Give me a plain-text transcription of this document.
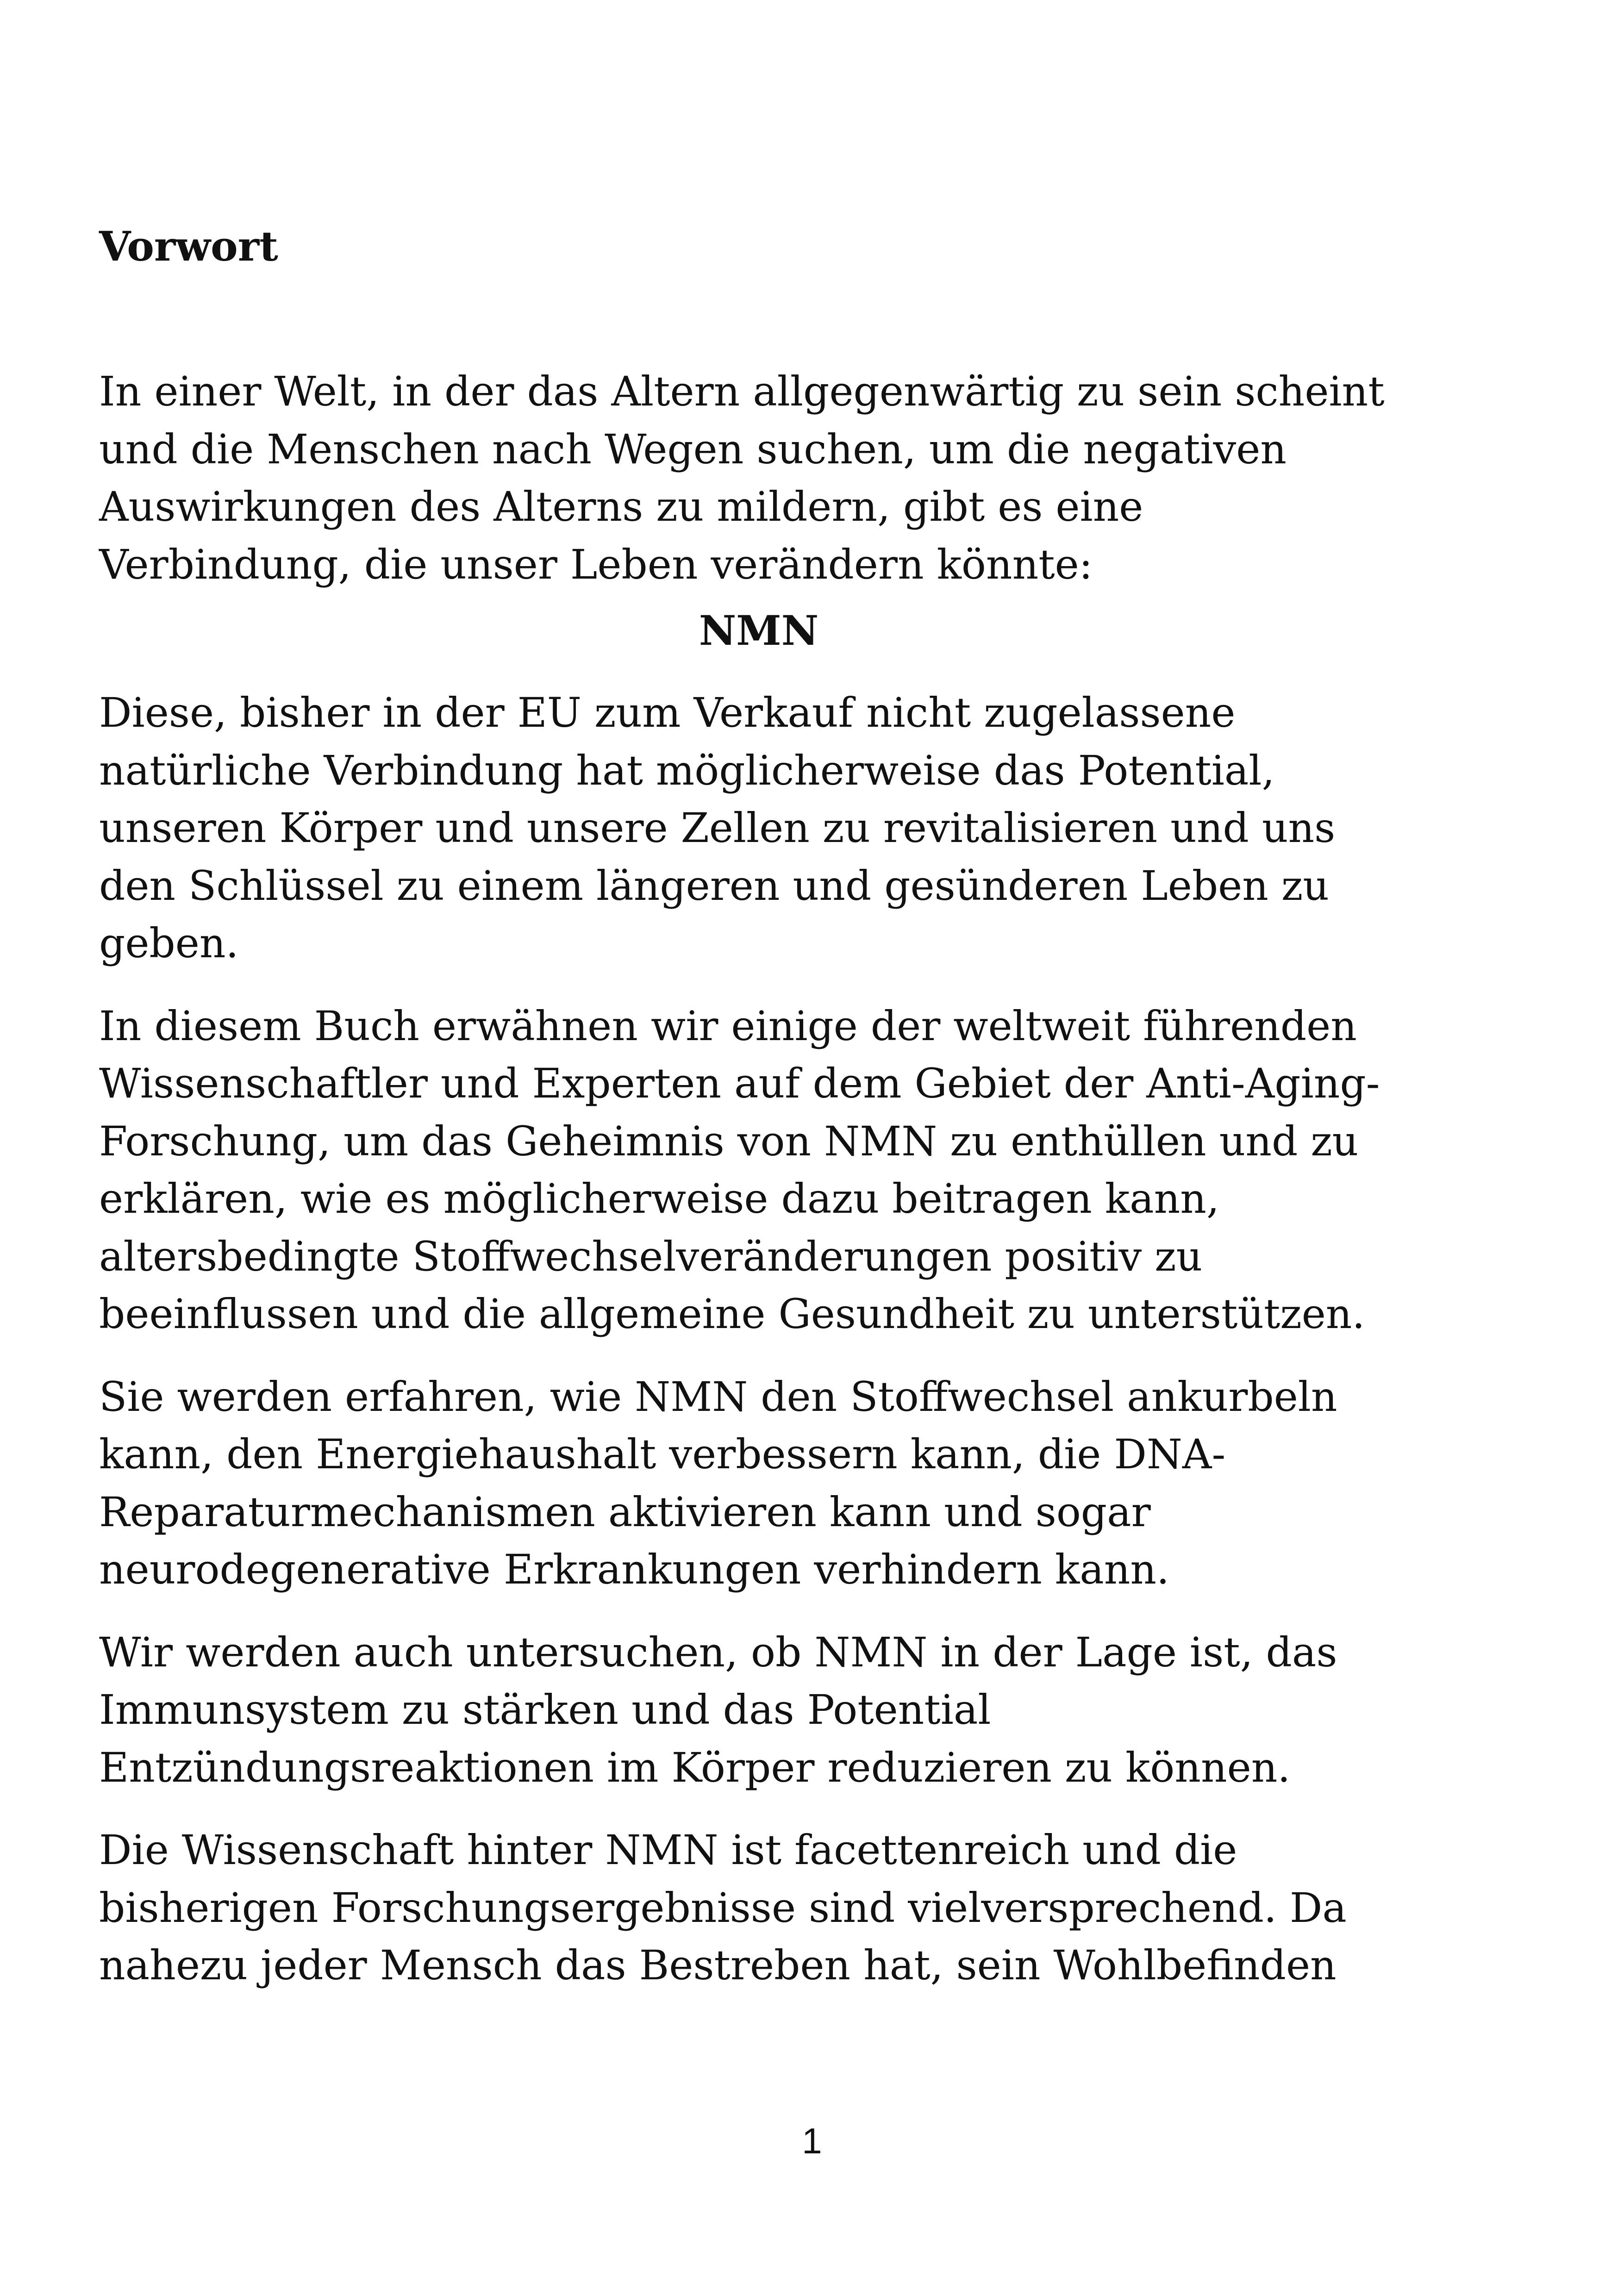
Vorwort

In einer Welt, in der das Altern allgegenwärtig zu sein scheint
und die Menschen nach Wegen suchen, um die negativen
Auswirkungen des Alterns zu mildern, gibt es eine
Verbindung, die unser Leben verändern könnte:

NMN

Diese, bisher in der EU zum Verkauf nicht zugelassene
natürliche Verbindung hat möglicherweise das Potential,
unseren Körper und unsere Zellen zu revitalisieren und uns
den Schlüssel zu einem längeren und gesünderen Leben zu
geben.

In diesem Buch erwähnen wir einige der weltweit führenden
Wissenschaftler und Experten auf dem Gebiet der Anti-Aging-
Forschung, um das Geheimnis von NMN zu enthüllen und zu
erklären, wie es möglicherweise dazu beitragen kann,
altersbedingte Stoffwechselveränderungen positiv zu
beeinflussen und die allgemeine Gesundheit zu unterstützen.

Sie werden erfahren, wie NMN den Stoffwechsel ankurbeln
kann, den Energiehaushalt verbessern kann, die DNA-
Reparaturmechanismen aktivieren kann und sogar
neurodegenerative Erkrankungen verhindern kann.

Wir werden auch untersuchen, ob NMN in der Lage ist, das
Immunsystem zu stärken und das Potential
Entzündungsreaktionen im Körper reduzieren zu können.

Die Wissenschaft hinter NMN ist facettenreich und die
bisherigen Forschungsergebnisse sind vielversprechend. Da
nahezu jeder Mensch das Bestreben hat, sein Wohlbefinden

1
